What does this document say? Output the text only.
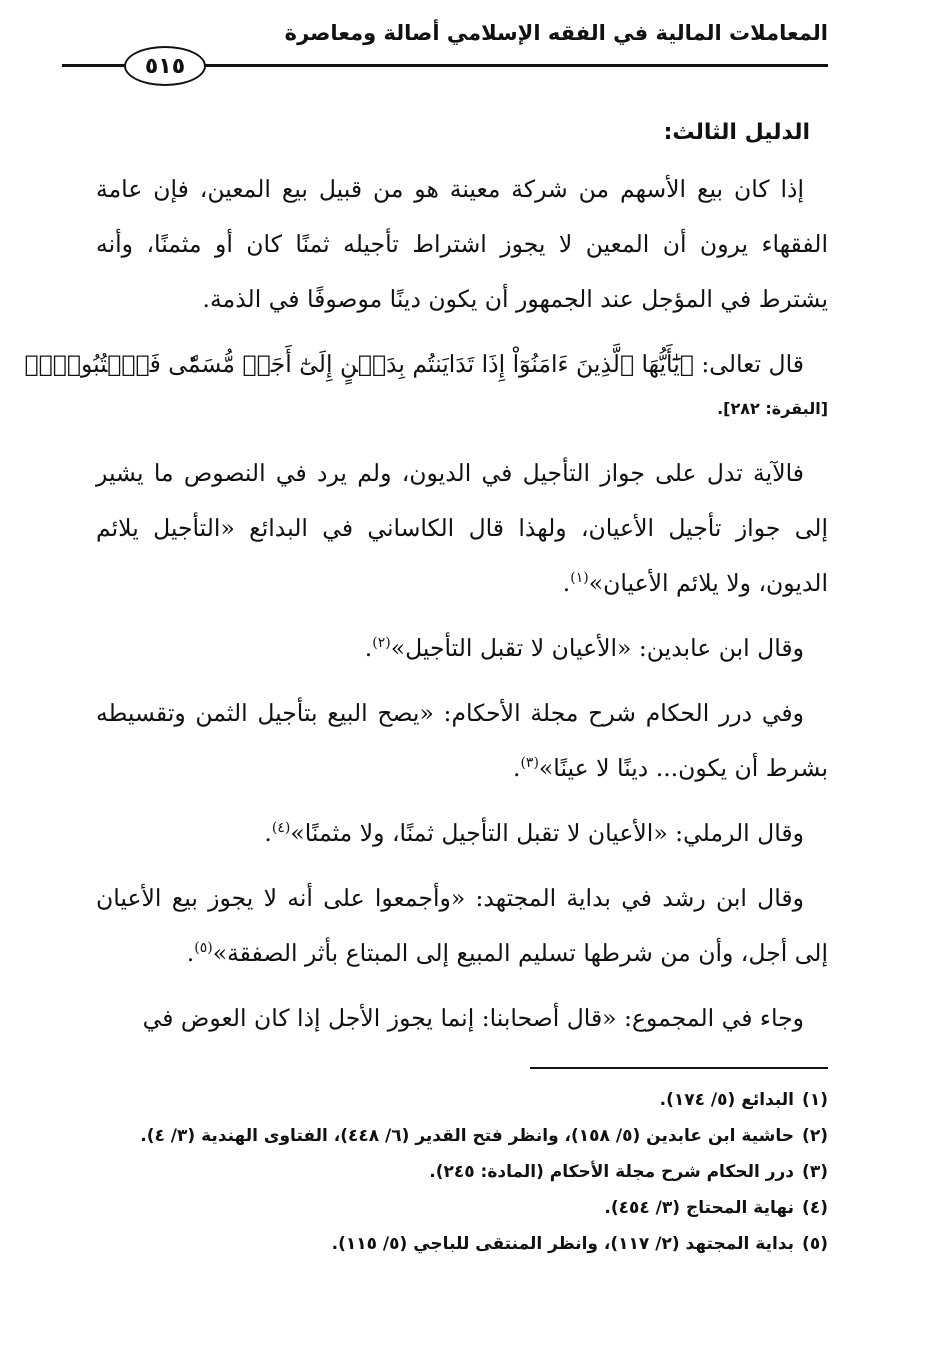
المعاملات المالية في الفقه الإسلامي أصالة ومعاصرة
٥١٥
الدليل الثالث:

إذا كان بيع الأسهم من شركة معينة هو من قبيل بيع المعين، فإن عامة الفقهاء يرون أن المعين لا يجوز اشتراط تأجيله ثمنًا كان أو مثمنًا، وأنه يشترط في المؤجل عند الجمهور أن يكون دينًا موصوفًا في الذمة.

قال تعالى: ﴿يَٰٓأَيُّهَا ٱلَّذِينَ ءَامَنُوٓاْ إِذَا تَدَايَنتُم بِدَيۡنٍ إِلَىٰٓ أَجَلٖ مُّسَمّٗى فَٱكۡتُبُوهُۚ﴾

[البقرة: ٢٨٢].

فالآية تدل على جواز التأجيل في الديون، ولم يرد في النصوص ما يشير إلى جواز تأجيل الأعيان، ولهذا قال الكاساني في البدائع «التأجيل يلائم الديون، ولا يلائم الأعيان»$^{(١)}$.

وقال ابن عابدين: «الأعيان لا تقبل التأجيل»$^{(٢)}$.

وفي درر الحكام شرح مجلة الأحكام: «يصح البيع بتأجيل الثمن وتقسيطه بشرط أن يكون... دينًا لا عينًا»$^{(٣)}$.

وقال الرملي: «الأعيان لا تقبل التأجيل ثمنًا، ولا مثمنًا»$^{(٤)}$.

وقال ابن رشد في بداية المجتهد: «وأجمعوا على أنه لا يجوز بيع الأعيان إلى أجل، وأن من شرطها تسليم المبيع إلى المبتاع بأثر الصفقة»$^{(٥)}$.

وجاء في المجموع: «قال أصحابنا: إنما يجوز الأجل إذا كان العوض في

(١)البدائع (٥/ ١٧٤).
(٢)حاشية ابن عابدين (٥/ ١٥٨)، وانظر فتح القدير (٦/ ٤٤٨)، الفتاوى الهندية (٣/ ٤).
(٣)درر الحكام شرح مجلة الأحكام (المادة: ٢٤٥).
(٤)نهاية المحتاج (٣/ ٤٥٤).
(٥)بداية المجتهد (٢/ ١١٧)، وانظر المنتقى للباجي (٥/ ١١٥).
